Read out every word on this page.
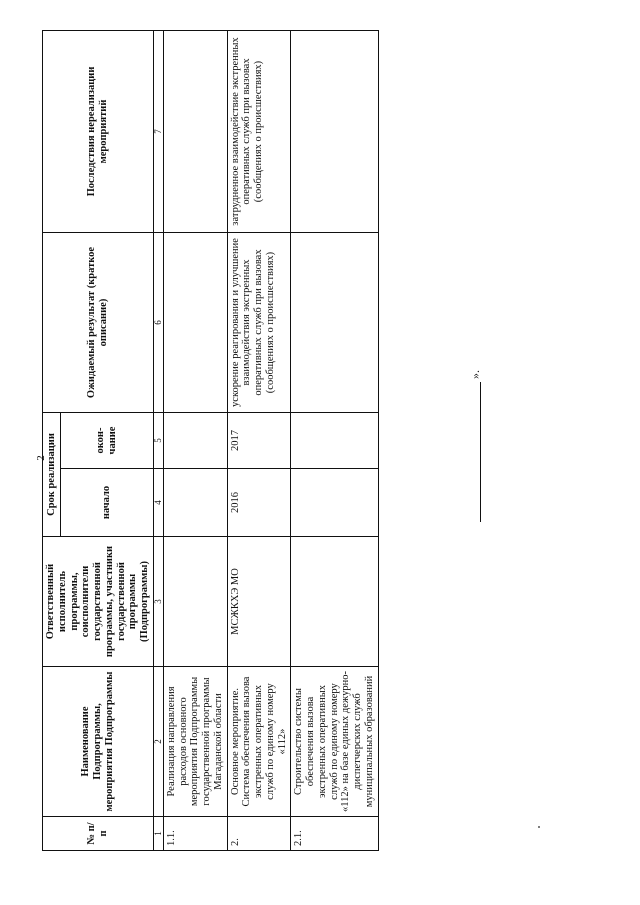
2
№ п/п	Наименование Подпрограммы, мероприятия Подпрограммы	Ответственный исполнитель программы, соисполнители государственной программы, участники государственной программы (Подпрограммы)	Срок реализации		Ожидаемый результат (краткое описание)	Последствия нереализации мероприятий
			начало	окон-чание		
1	2	3	4	5	6	7
1.1.	Реализация направления расходов основного мероприятия Подпрограммы государственной программы Магаданской области					
2.	Основное мероприятие. Система обеспечения вызова экстренных оперативных служб по единому номеру «112»	МСЖКХЭ МО	2016	2017	ускорение реагирования и улучшение взаимодействия экстренных оперативных служб при вызовах (сообщениях о происшествиях)	затрудненное взаимодействие экстренных оперативных служб при вызовах (сообщениях о происшествиях)
2.1.	Строительство системы обеспечения вызова экстренных оперативных служб по единому номеру «112» на базе единых дежурно-диспетчерских служб муниципальных образований					
».
